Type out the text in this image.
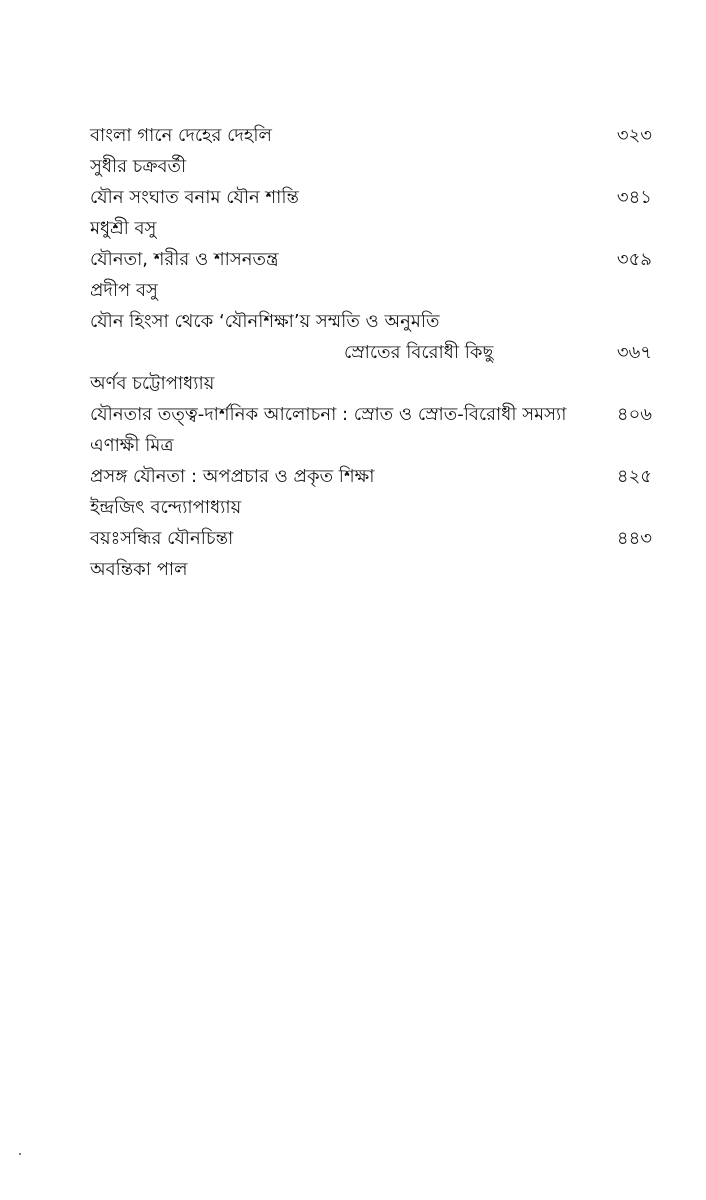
বাংলা গানে দেহের দেহলি	৩২৩
সুধীর চক্রবর্তী
যৌন সংঘাত বনাম যৌন শান্তি	৩৪১
মধুশ্রী বসু
যৌনতা, শরীর ও শাসনতন্ত্র	৩৫৯
প্রদীপ বসু
যৌন হিংসা থেকে ‘যৌনশিক্ষা’য় সম্মতি ও অনুমতি
স্রোতের বিরোধী কিছু	৩৬৭
অর্ণব চট্টোপাধ্যায়
যৌনতার তত্ত্ব-দার্শনিক আলোচনা : স্রোত ও স্রোত-বিরোধী সমস্যা	৪০৬
এণাক্ষী মিত্র
প্রসঙ্গ যৌনতা : অপপ্রচার ও প্রকৃত শিক্ষা	৪২৫
ইন্দ্রজিৎ বন্দ্যোপাধ্যায়
বয়ঃসন্ধির যৌনচিন্তা	৪৪৩
অবন্তিকা পাল
